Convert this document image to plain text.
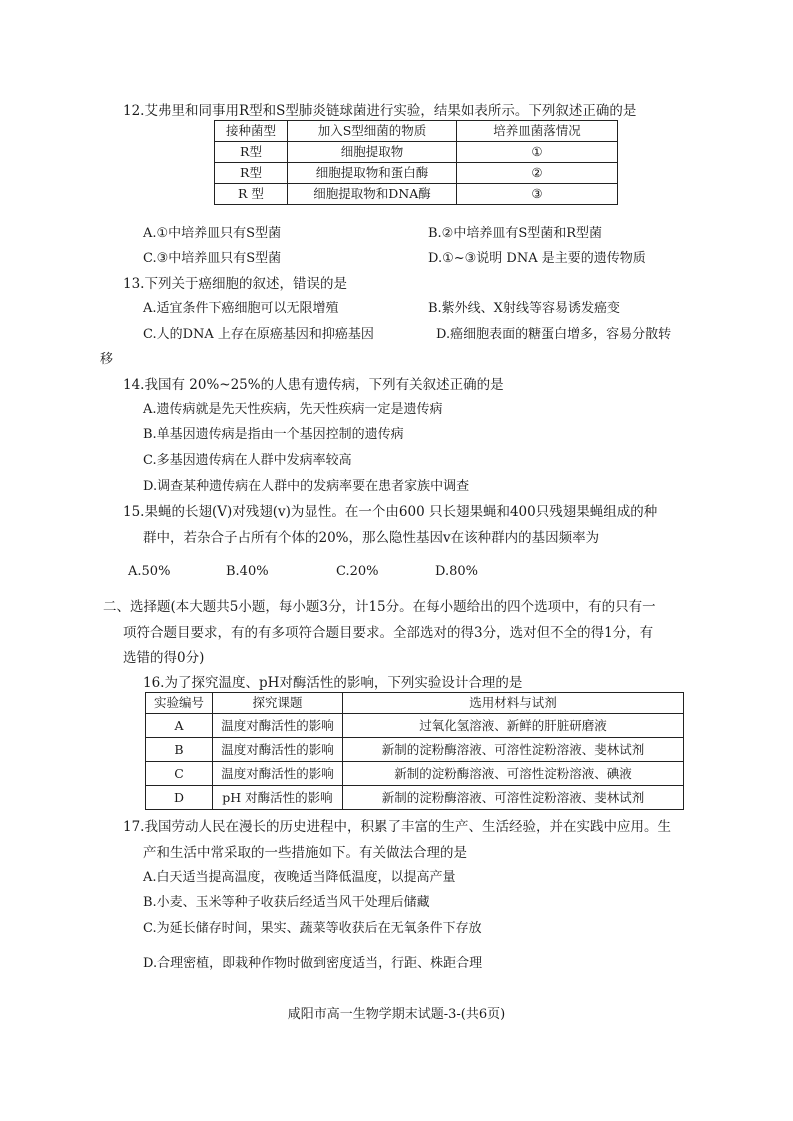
12.艾弗里和同事用R型和S型肺炎链球菌进行实验，结果如表所示。下列叙述正确的是
接种菌型	加入S型细菌的物质	培养皿菌落情况
R型	细胞提取物	①
R型	细胞提取物和蛋白酶	②
R 型	细胞提取物和DNA酶	③
A.①中培养皿只有S型菌	B.②中培养皿有S型菌和R型菌
C.③中培养皿只有S型菌	D.①~③说明 DNA 是主要的遗传物质
13.下列关于癌细胞的叙述，错误的是
A.适宜条件下癌细胞可以无限增殖	B.紫外线、X射线等容易诱发癌变
C.人的DNA 上存在原癌基因和抑癌基因	D.癌细胞表面的糖蛋白增多，容易分散转
移
14.我国有 20%~25%的人患有遗传病，下列有关叙述正确的是
A.遗传病就是先天性疾病，先天性疾病一定是遗传病
B.单基因遗传病是指由一个基因控制的遗传病
C.多基因遗传病在人群中发病率较高
D.调查某种遗传病在人群中的发病率要在患者家族中调查
15.果蝇的长翅(V)对残翅(v)为显性。在一个由600 只长翅果蝇和400只残翅果蝇组成的种
群中，若杂合子占所有个体的20%，那么隐性基因v在该种群内的基因频率为
A.50%	B.40%	C.20%	D.80%
二、选择题(本大题共5小题，每小题3分，计15分。在每小题给出的四个选项中，有的只有一
项符合题目要求，有的有多项符合题目要求。全部选对的得3分，选对但不全的得1分，有
选错的得0分)
16.为了探究温度、pH对酶活性的影响，下列实验设计合理的是
实验编号	探究课题	选用材料与试剂
A	温度对酶活性的影响	过氧化氢溶液、新鲜的肝脏研磨液
B	温度对酶活性的影响	新制的淀粉酶溶液、可溶性淀粉溶液、斐林试剂
C	温度对酶活性的影响	新制的淀粉酶溶液、可溶性淀粉溶液、碘液
D	pH 对酶活性的影响	新制的淀粉酶溶液、可溶性淀粉溶液、斐林试剂
17.我国劳动人民在漫长的历史进程中，积累了丰富的生产、生活经验，并在实践中应用。生
产和生活中常采取的一些措施如下。有关做法合理的是
A.白天适当提高温度，夜晚适当降低温度，以提高产量
B.小麦、玉米等种子收获后经适当风干处理后储藏
C.为延长储存时间，果实、蔬菜等收获后在无氧条件下存放
D.合理密植，即栽种作物时做到密度适当，行距、株距合理
咸阳市高一生物学期末试题-3-(共6页)
